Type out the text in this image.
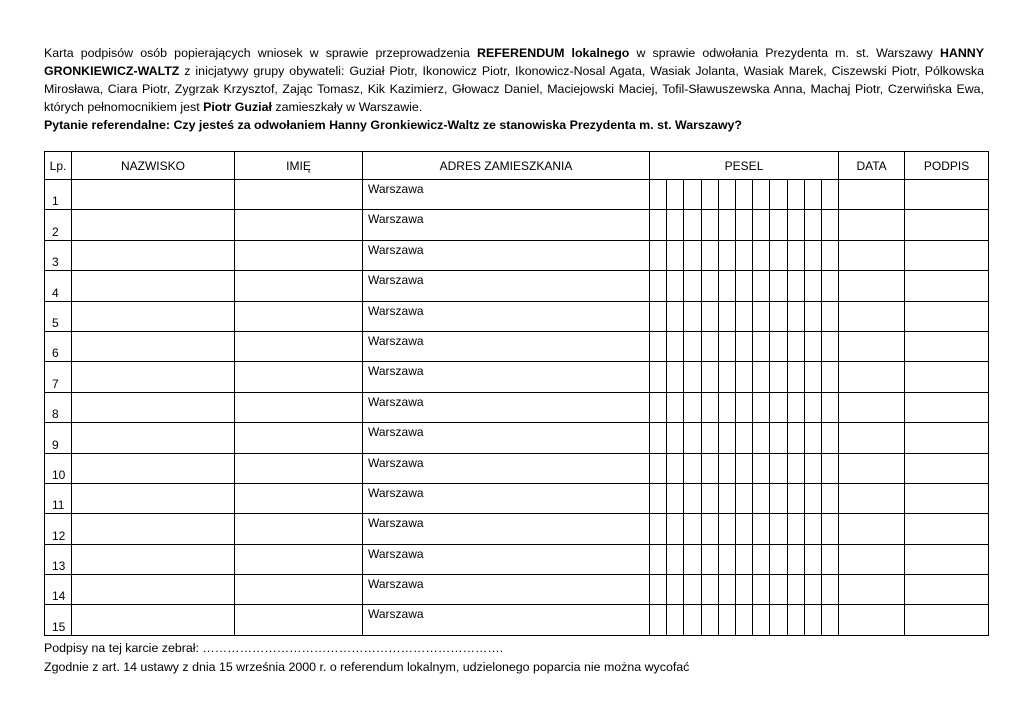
Karta podpisów osób popierających wniosek w sprawie przeprowadzenia REFERENDUM lokalnego w sprawie odwołania Prezydenta m. st. Warszawy HANNY GRONKIEWICZ-WALTZ z inicjatywy grupy obywateli: Guział Piotr, Ikonowicz Piotr, Ikonowicz-Nosal Agata, Wasiak Jolanta, Wasiak Marek, Ciszewski Piotr, Pólkowska Mirosława, Ciara Piotr, Zygrzak Krzysztof, Zając Tomasz, Kik Kazimierz, Głowacz Daniel, Maciejowski Maciej, Tofil-Sławuszewska Anna, Machaj Piotr, Czerwińska Ewa, których pełnomocnikiem jest Piotr Guział zamieszkały w Warszawie.

Pytanie referendalne: Czy jesteś za odwołaniem Hanny Gronkiewicz-Waltz ze stanowiska Prezydenta m. st. Warszawy?

Lp.	NAZWISKO	IMIĘ	ADRES ZAMIESZKANIA	PESEL											DATA	PODPIS
1			Warszawa													
2			Warszawa													
3			Warszawa													
4			Warszawa													
5			Warszawa													
6			Warszawa													
7			Warszawa													
8			Warszawa													
9			Warszawa													
10			Warszawa													
11			Warszawa													
12			Warszawa													
13			Warszawa													
14			Warszawa													
15			Warszawa													

Podpisy na tej karcie zebrał: ……………………………………………………………….

Zgodnie z art. 14 ustawy z dnia 15 września 2000 r. o referendum lokalnym, udzielonego poparcia nie można wycofać
